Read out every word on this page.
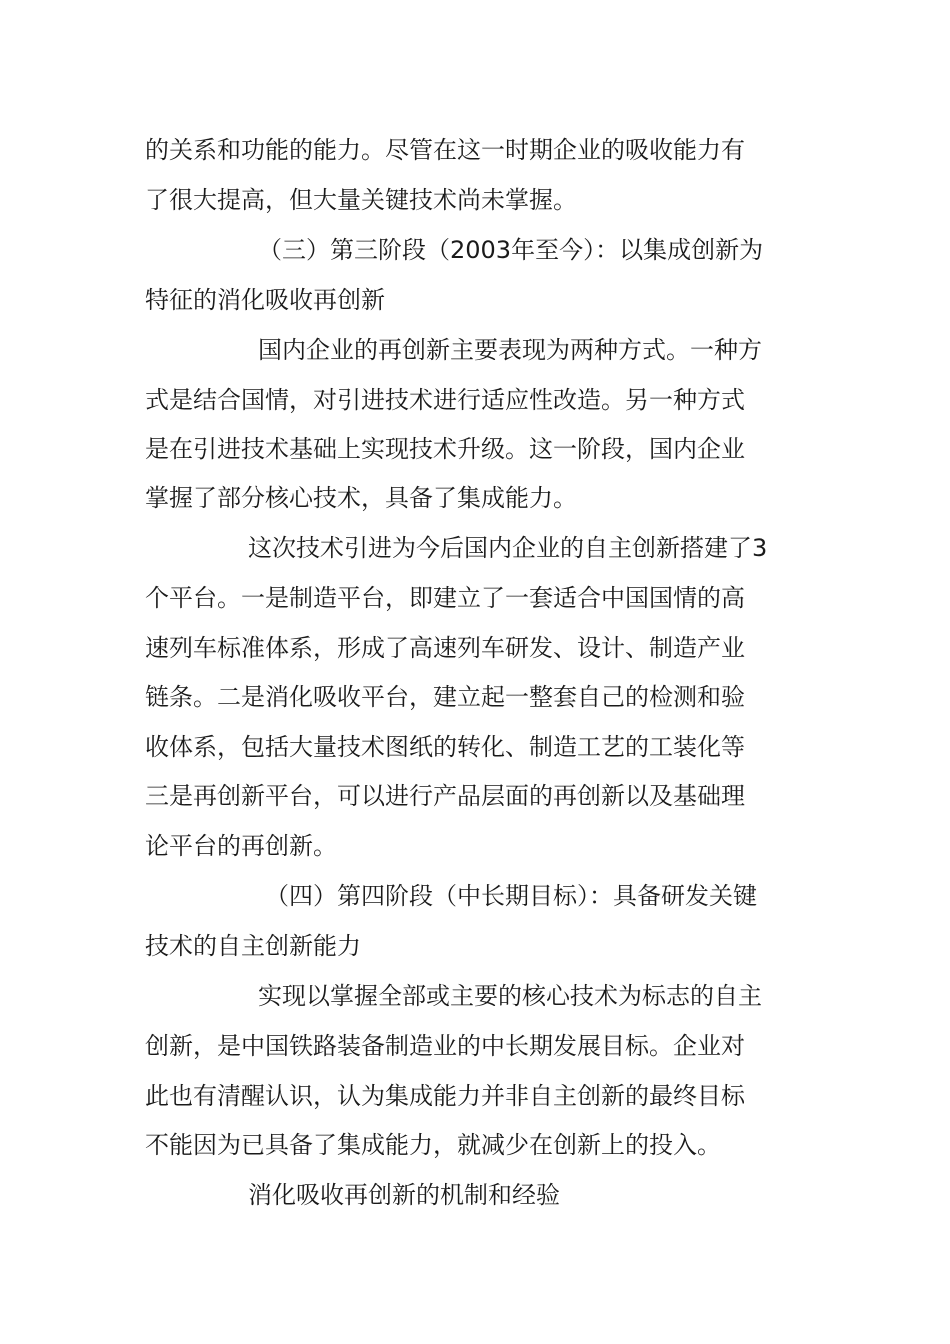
的关系和功能的能力。尽管在这一时期企业的吸收能力有
了很大提高，但大量关键技术尚未掌握。
（三）第三阶段（2003年至今）：以集成创新为
特征的消化吸收再创新
国内企业的再创新主要表现为两种方式。一种方
式是结合国情，对引进技术进行适应性改造。另一种方式
是在引进技术基础上实现技术升级。这一阶段，国内企业
掌握了部分核心技术，具备了集成能力。
这次技术引进为今后国内企业的自主创新搭建了3
个平台。一是制造平台，即建立了一套适合中国国情的高
速列车标准体系，形成了高速列车研发、设计、制造产业
链条。二是消化吸收平台，建立起一整套自己的检测和验
收体系，包括大量技术图纸的转化、制造工艺的工装化等
三是再创新平台，可以进行产品层面的再创新以及基础理
论平台的再创新。
（四）第四阶段（中长期目标）：具备研发关键
技术的自主创新能力
实现以掌握全部或主要的核心技术为标志的自主
创新，是中国铁路装备制造业的中长期发展目标。企业对
此也有清醒认识，认为集成能力并非自主创新的最终目标
不能因为已具备了集成能力，就减少在创新上的投入。
消化吸收再创新的机制和经验
